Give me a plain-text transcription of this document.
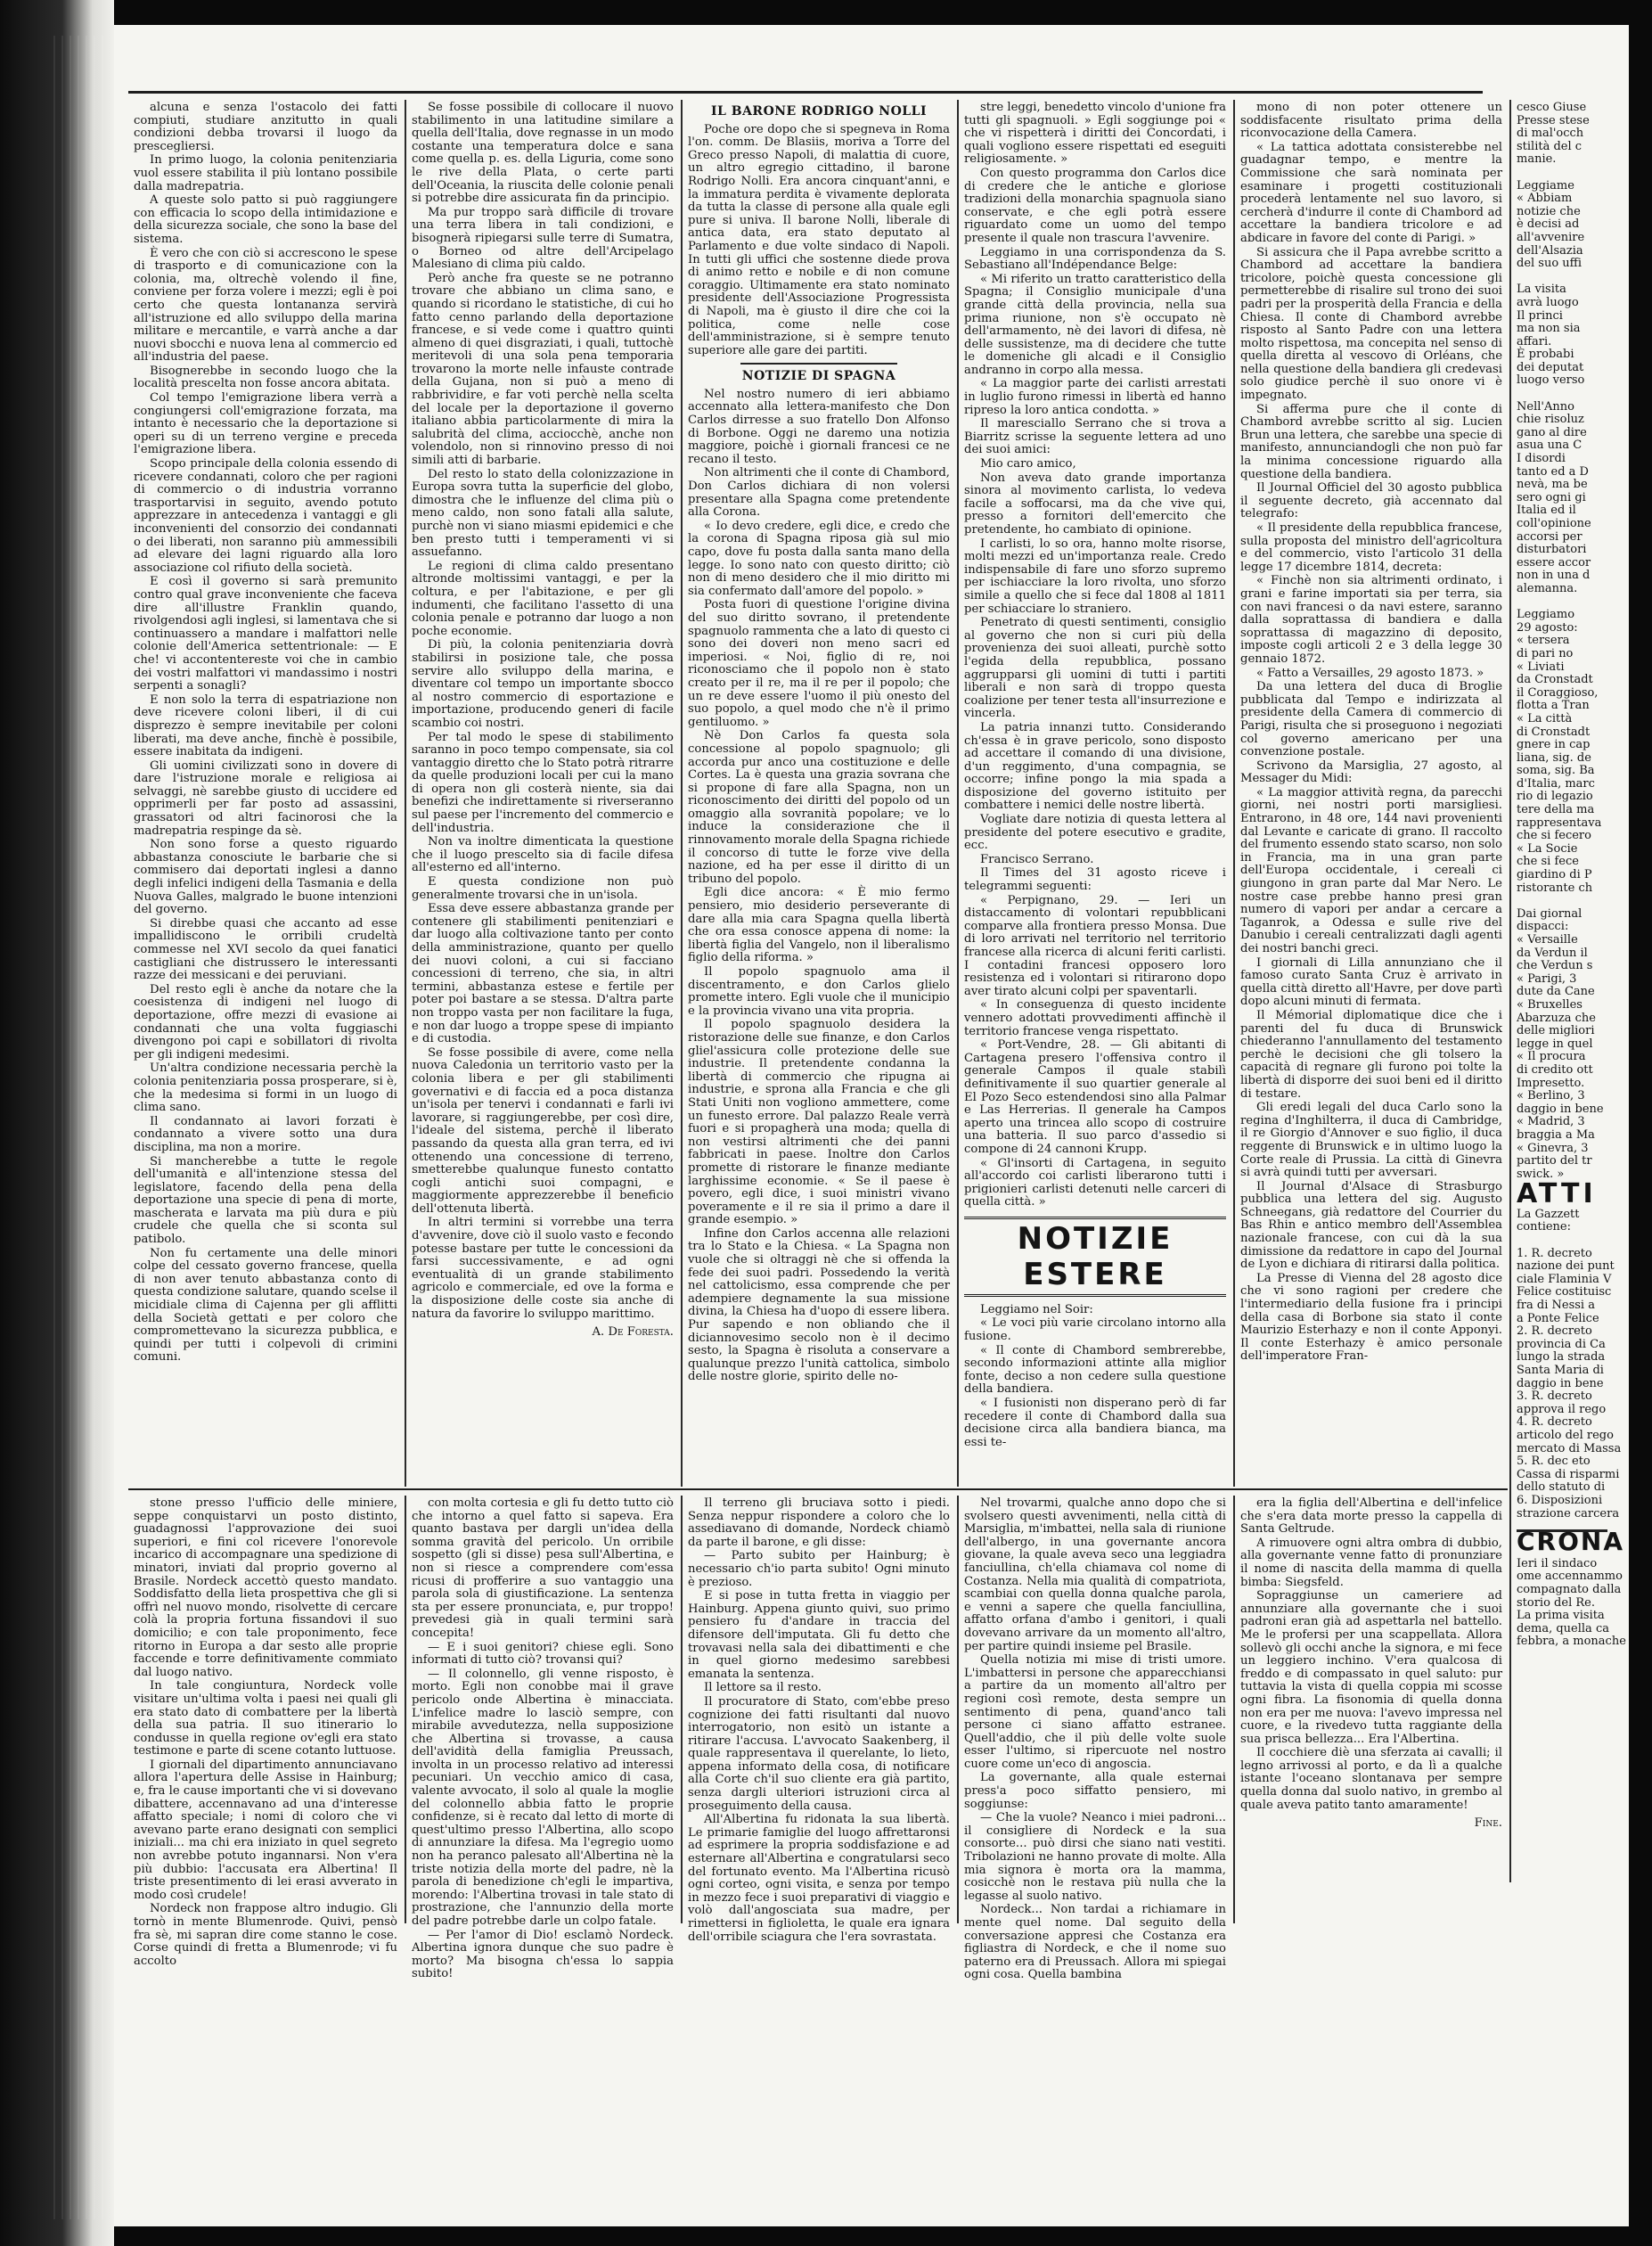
alcuna e senza l'ostacolo dei fatti compiuti, studiare anzitutto in quali condizioni debba trovarsi il luogo da prescegliersi.

In primo luogo, la colonia penitenziaria vuol essere stabilita il più lontano possibile dalla madrepatria.

A queste solo patto si può raggiungere con efficacia lo scopo della intimidazione e della sicurezza sociale, che sono la base del sistema.

È vero che con ciò si accrescono le spese di trasporto e di comunicazione con la colonia, ma, oltrechè volendo il fine, conviene per forza volere i mezzi; egli è poi certo che questa lontananza servirà all'istruzione ed allo sviluppo della marina militare e mercantile, e varrà anche a dar nuovi sbocchi e nuova lena al commercio ed all'industria del paese.

Bisognerebbe in secondo luogo che la località prescelta non fosse ancora abitata.

Col tempo l'emigrazione libera verrà a congiungersi coll'emigrazione forzata, ma intanto è necessario che la deportazione si operi su di un terreno vergine e preceda l'emigrazione libera.

Scopo principale della colonia essendo di ricevere condannati, coloro che per ragioni di commercio o di industria vorranno trasportarvisi in seguito, avendo potuto apprezzare in antecedenza i vantaggi e gli inconvenienti del consorzio dei condannati o dei liberati, non saranno più ammessibili ad elevare dei lagni riguardo alla loro associazione col rifiuto della società.

E così il governo si sarà premunito contro qual grave inconveniente che faceva dire all'illustre Franklin quando, rivolgendosi agli inglesi, si lamentava che si continuassero a mandare i malfattori nelle colonie dell'America settentrionale: — E che! vi accontentereste voi che in cambio dei vostri malfattori vi mandassimo i nostri serpenti a sonagli?

E non solo la terra di espatriazione non deve ricevere coloni liberi, il di cui disprezzo è sempre inevitabile per coloni liberati, ma deve anche, finchè è possibile, essere inabitata da indigeni.

Gli uomini civilizzati sono in dovere di dare l'istruzione morale e religiosa ai selvaggi, nè sarebbe giusto di uccidere ed opprimerli per far posto ad assassini, grassatori od altri facinorosi che la madrepatria respinge da sè.

Non sono forse a questo riguardo abbastanza conosciute le barbarie che si commisero dai deportati inglesi a danno degli infelici indigeni della Tasmania e della Nuova Galles, malgrado le buone intenzioni del governo.

Si direbbe quasi che accanto ad esse impallidiscono le orribili crudeltà commesse nel XVI secolo da quei fanatici castigliani che distrussero le interessanti razze dei messicani e dei peruviani.

Del resto egli è anche da notare che la coesistenza di indigeni nel luogo di deportazione, offre mezzi di evasione ai condannati che una volta fuggiaschi divengono poi capi e sobillatori di rivolta per gli indigeni medesimi.

Un'altra condizione necessaria perchè la colonia penitenziaria possa prosperare, si è, che la medesima si formi in un luogo di clima sano.

Il condannato ai lavori forzati è condannato a vivere sotto una dura disciplina, ma non a morire.

Si mancherebbe a tutte le regole dell'umanità e all'intenzione stessa del legislatore, facendo della pena della deportazione una specie di pena di morte, mascherata e larvata ma più dura e più crudele che quella che si sconta sul patibolo.

Non fu certamente una delle minori colpe del cessato governo francese, quella di non aver tenuto abbastanza conto di questa condizione salutare, quando scelse il micidiale clima di Cajenna per gli afflitti della Società gettati e per coloro che compromettevano la sicurezza pubblica, e quindi per tutti i colpevoli di crimini comuni.

Se fosse possibile di collocare il nuovo stabilimento in una latitudine similare a quella dell'Italia, dove regnasse in un modo costante una temperatura dolce e sana come quella p. es. della Liguria, come sono le rive della Plata, o certe parti dell'Oceania, la riuscita delle colonie penali si potrebbe dire assicurata fin da principio.

Ma pur troppo sarà difficile di trovare una terra libera in tali condizioni, e bisognerà ripiegarsi sulle terre di Sumatra, o Borneo od altre dell'Arcipelago Malesiano di clima più caldo.

Però anche fra queste se ne potranno trovare che abbiano un clima sano, e quando si ricordano le statistiche, di cui ho fatto cenno parlando della deportazione francese, e si vede come i quattro quinti almeno di quei disgraziati, i quali, tuttochè meritevoli di una sola pena temporaria trovarono la morte nelle infauste contrade della Gujana, non si può a meno di rabbrividire, e far voti perchè nella scelta del locale per la deportazione il governo italiano abbia particolarmente di mira la salubrità del clima, acciocchè, anche non volendolo, non si rinnovino presso di noi simili atti di barbarie.

Del resto lo stato della colonizzazione in Europa sovra tutta la superficie del globo, dimostra che le influenze del clima più o meno caldo, non sono fatali alla salute, purchè non vi siano miasmi epidemici e che ben presto tutti i temperamenti vi si assuefanno.

Le regioni di clima caldo presentano altronde moltissimi vantaggi, e per la coltura, e per l'abitazione, e per gli indumenti, che facilitano l'assetto di una colonia penale e potranno dar luogo a non poche economie.

Di più, la colonia penitenziaria dovrà stabilirsi in posizione tale, che possa servire allo sviluppo della marina, e diventare col tempo un importante sbocco al nostro commercio di esportazione e importazione, producendo generi di facile scambio coi nostri.

Per tal modo le spese di stabilimento saranno in poco tempo compensate, sia col vantaggio diretto che lo Stato potrà ritrarre da quelle produzioni locali per cui la mano di opera non gli costerà niente, sia dai benefizi che indirettamente si riverseranno sul paese per l'incremento del commercio e dell'industria.

Non va inoltre dimenticata la questione che il luogo prescelto sia di facile difesa all'esterno ed all'interno.

E questa condizione non può generalmente trovarsi che in un'isola.

Essa deve essere abbastanza grande per contenere gli stabilimenti penitenziari e dar luogo alla coltivazione tanto per conto della amministrazione, quanto per quello dei nuovi coloni, a cui si facciano concessioni di terreno, che sia, in altri termini, abbastanza estese e fertile per poter poi bastare a se stessa. D'altra parte non troppo vasta per non facilitare la fuga, e non dar luogo a troppe spese di impianto e di custodia.

Se fosse possibile di avere, come nella nuova Caledonia un territorio vasto per la colonia libera e per gli stabilimenti governativi e di faccia ed a poca distanza un'isola per tenervi i condannati e farli ivi lavorare, si raggiungerebbe, per così dire, l'ideale del sistema, perchè il liberato passando da questa alla gran terra, ed ivi ottenendo una concessione di terreno, smetterebbe qualunque funesto contatto cogli antichi suoi compagni, e maggiormente apprezzerebbe il beneficio dell'ottenuta libertà.

In altri termini si vorrebbe una terra d'avvenire, dove ciò il suolo vasto e fecondo potesse bastare per tutte le concessioni da farsi successivamente, e ad ogni eventualità di un grande stabilimento agricolo e commerciale, ed ove la forma e la disposizione delle coste sia anche di natura da favorire lo sviluppo marittimo.

A. De Foresta.
IL BARONE RODRIGO NOLLI

Poche ore dopo che si spegneva in Roma l'on. comm. De Blasiis, moriva a Torre del Greco presso Napoli, di malattia di cuore, un altro egregio cittadino, il barone Rodrigo Nolli. Era ancora cinquant'anni, e la immatura perdita è vivamente deplorata da tutta la classe di persone alla quale egli pure si univa. Il barone Nolli, liberale di antica data, era stato deputato al Parlamento e due volte sindaco di Napoli. In tutti gli uffici che sostenne diede prova di animo retto e nobile e di non comune coraggio. Ultimamente era stato nominato presidente dell'Associazione Progressista di Napoli, ma è giusto il dire che coi la politica, come nelle cose dell'amministrazione, si è sempre tenuto superiore alle gare dei partiti.

NOTIZIE DI SPAGNA

Nel nostro numero di ieri abbiamo accennato alla lettera-manifesto che Don Carlos dirresse a suo fratello Don Alfonso di Borbone. Oggi ne daremo una notizia maggiore, poichè i giornali francesi ce ne recano il testo.

Non altrimenti che il conte di Chambord, Don Carlos dichiara di non volersi presentare alla Spagna come pretendente alla Corona.

« Io devo credere, egli dice, e credo che la corona di Spagna riposa già sul mio capo, dove fu posta dalla santa mano della legge. Io sono nato con questo diritto; ciò non di meno desidero che il mio diritto mi sia confermato dall'amore del popolo. »

Posta fuori di questione l'origine divina del suo diritto sovrano, il pretendente spagnuolo rammenta che a lato di questo ci sono dei doveri non meno sacri ed imperiosi. « Noi, figlio di re, noi riconosciamo che il popolo non è stato creato per il re, ma il re per il popolo; che un re deve essere l'uomo il più onesto del suo popolo, a quel modo che n'è il primo gentiluomo. »

Nè Don Carlos fa questa sola concessione al popolo spagnuolo; gli accorda pur anco una costituzione e delle Cortes. La è questa una grazia sovrana che si propone di fare alla Spagna, non un riconoscimento dei diritti del popolo od un omaggio alla sovranità popolare; ve lo induce la considerazione che il rinnovamento morale della Spagna richiede il concorso di tutte le forze vive della nazione, ed ha per esse il diritto di un tribuno del popolo.

Egli dice ancora: « È mio fermo pensiero, mio desiderio perseverante di dare alla mia cara Spagna quella libertà che ora essa conosce appena di nome: la libertà figlia del Vangelo, non il liberalismo figlio della riforma. »

Il popolo spagnuolo ama il discentramento, e don Carlos glielo promette intero. Egli vuole che il municipio e la provincia vivano una vita propria.

Il popolo spagnuolo desidera la ristorazione delle sue finanze, e don Carlos gliel'assicura colle protezione delle sue industrie. Il pretendente condanna la libertà di commercio che ripugna ai industrie, e sprona alla Francia e che gli Stati Uniti non vogliono ammettere, come un funesto errore. Dal palazzo Reale verrà fuori e si propagherà una moda; quella di non vestirsi altrimenti che dei panni fabbricati in paese. Inoltre don Carlos promette di ristorare le finanze mediante larghissime economie. « Se il paese è povero, egli dice, i suoi ministri vivano poveramente e il re sia il primo a dare il grande esempio. »

Infine don Carlos accenna alle relazioni tra lo Stato e la Chiesa. « La Spagna non vuole che si oltraggi nè che si offenda la fede dei suoi padri. Possedendo la verità nel cattolicismo, essa comprende che per adempiere degnamente la sua missione divina, la Chiesa ha d'uopo di essere libera. Pur sapendo e non obliando che il diciannovesimo secolo non è il decimo sesto, la Spagna è risoluta a conservare a qualunque prezzo l'unità cattolica, simbolo delle nostre glorie, spirito delle no-

stre leggi, benedetto vincolo d'unione fra tutti gli spagnuoli. » Egli soggiunge poi « che vi rispetterà i diritti dei Concordati, i quali vogliono essere rispettati ed eseguiti religiosamente. »

Con questo programma don Carlos dice di credere che le antiche e gloriose tradizioni della monarchia spagnuola siano conservate, e che egli potrà essere riguardato come un uomo del tempo presente il quale non trascura l'avvenire.

Leggiamo in una corrispondenza da S. Sebastiano all'Indépendance Belge:

« Mi riferito un tratto caratteristico della Spagna; il Consiglio municipale d'una grande città della provincia, nella sua prima riunione, non s'è occupato nè dell'armamento, nè dei lavori di difesa, nè delle sussistenze, ma di decidere che tutte le domeniche gli alcadi e il Consiglio andranno in corpo alla messa.

« La maggior parte dei carlisti arrestati in luglio furono rimessi in libertà ed hanno ripreso la loro antica condotta. »

Il maresciallo Serrano che si trova a Biarritz scrisse la seguente lettera ad uno dei suoi amici:

Mio caro amico,

Non aveva dato grande importanza sinora al movimento carlista, lo vedeva facile a soffocarsi, ma da che vive qui, presso a fornitori dell'emercito che pretendente, ho cambiato di opinione.

I carlisti, lo so ora, hanno molte risorse, molti mezzi ed un'importanza reale. Credo indispensabile di fare uno sforzo supremo per ischiacciare la loro rivolta, uno sforzo simile a quello che si fece dal 1808 al 1811 per schiacciare lo straniero.

Penetrato di questi sentimenti, consiglio al governo che non si curi più della provenienza dei suoi alleati, purchè sotto l'egida della repubblica, possano aggrupparsi gli uomini di tutti i partiti liberali e non sarà di troppo questa coalizione per tener testa all'insurrezione e vincerla.

La patria innanzi tutto. Considerando ch'essa è in grave pericolo, sono disposto ad accettare il comando di una divisione, d'un reggimento, d'una compagnia, se occorre; infine pongo la mia spada a disposizione del governo istituito per combattere i nemici delle nostre libertà.

Vogliate dare notizia di questa lettera al presidente del potere esecutivo e gradite, ecc.

Francisco Serrano.

Il Times del 31 agosto riceve i telegrammi seguenti:

« Perpignano, 29. — Ieri un distaccamento di volontari repubblicani comparve alla frontiera presso Monsa. Due di loro arrivati nel territorio nel territorio francese alla ricerca di alcuni feriti carlisti. I contadini francesi opposero loro resistenza ed i volontari si ritirarono dopo aver tirato alcuni colpi per spaventarli.

« In conseguenza di questo incidente vennero adottati provvedimenti affinchè il territorio francese venga rispettato.

« Port-Vendre, 28. — Gli abitanti di Cartagena presero l'offensiva contro il generale Campos il quale stabilì definitivamente il suo quartier generale al El Pozo Seco estendendosi sino alla Palmar e Las Herrerias. Il generale ha Campos aperto una trincea allo scopo di costruire una batteria. Il suo parco d'assedio si compone di 24 cannoni Krupp.

« Gl'insorti di Cartagena, in seguito all'accordo coi carlisti liberarono tutti i prigionieri carlisti detenuti nelle carceri di quella città. »

NOTIZIE ESTERE

Leggiamo nel Soir:

« Le voci più varie circolano intorno alla fusione.

« Il conte di Chambord sembrerebbe, secondo informazioni attinte alla miglior fonte, deciso a non cedere sulla questione della bandiera.

« I fusionisti non disperano però di far recedere il conte di Chambord dalla sua decisione circa alla bandiera bianca, ma essi te-

mono di non poter ottenere un soddisfacente risultato prima della riconvocazione della Camera.

« La tattica adottata consisterebbe nel guadagnar tempo, e mentre la Commissione che sarà nominata per esaminare i progetti costituzionali procederà lentamente nel suo lavoro, si cercherà d'indurre il conte di Chambord ad accettare la bandiera tricolore e ad abdicare in favore del conte di Parigi. »

Si assicura che il Papa avrebbe scritto a Chambord ad accettare la bandiera tricolore, poichè questa concessione gli permetterebbe di risalire sul trono dei suoi padri per la prosperità della Francia e della Chiesa. Il conte di Chambord avrebbe risposto al Santo Padre con una lettera molto rispettosa, ma concepita nel senso di quella diretta al vescovo di Orléans, che nella questione della bandiera gli credevasi solo giudice perchè il suo onore vi è impegnato.

Si afferma pure che il conte di Chambord avrebbe scritto al sig. Lucien Brun una lettera, che sarebbe una specie di manifesto, annunciandogli che non può far la minima concessione riguardo alla questione della bandiera.

Il Journal Officiel del 30 agosto pubblica il seguente decreto, già accennato dal telegrafo:

« Il presidente della repubblica francese, sulla proposta del ministro dell'agricoltura e del commercio, visto l'articolo 31 della legge 17 dicembre 1814, decreta:

« Finchè non sia altrimenti ordinato, i grani e farine importati sia per terra, sia con navi francesi o da navi estere, saranno dalla soprattassa di bandiera e dalla soprattassa di magazzino di deposito, imposte cogli articoli 2 e 3 della legge 30 gennaio 1872.

« Fatto a Versailles, 29 agosto 1873. »

Da una lettera del duca di Broglie pubblicata dal Tempo e indirizzata al presidente della Camera di commercio di Parigi, risulta che si proseguono i negoziati col governo americano per una convenzione postale.

Scrivono da Marsiglia, 27 agosto, al Messager du Midi:

« La maggior attività regna, da parecchi giorni, nei nostri porti marsigliesi. Entrarono, in 48 ore, 144 navi provenienti dal Levante e caricate di grano. Il raccolto del frumento essendo stato scarso, non solo in Francia, ma in una gran parte dell'Europa occidentale, i cereali ci giungono in gran parte dal Mar Nero. Le nostre case prebbe hanno presi gran numero di vapori per andar a cercare a Taganrok, a Odessa e sulle rive del Danubio i cereali centralizzati dagli agenti dei nostri banchi greci.

I giornali di Lilla annunziano che il famoso curato Santa Cruz è arrivato in quella città diretto all'Havre, per dove partì dopo alcuni minuti di fermata.

Il Mémorial diplomatique dice che i parenti del fu duca di Brunswick chiederanno l'annullamento del testamento perchè le decisioni che gli tolsero la capacità di regnare gli furono poi tolte la libertà di disporre dei suoi beni ed il diritto di testare.

Gli eredi legali del duca Carlo sono la regina d'Inghilterra, il duca di Cambridge, il re Giorgio d'Annover e suo figlio, il duca reggente di Brunswick e in ultimo luogo la Corte reale di Prussia. La città di Ginevra si avrà quindi tutti per avversari.

Il Journal d'Alsace di Strasburgo pubblica una lettera del sig. Augusto Schneegans, già redattore del Courrier du Bas Rhin e antico membro dell'Assemblea nazionale francese, con cui dà la sua dimissione da redattore in capo del Journal de Lyon e dichiara di ritirarsi dalla politica.

La Presse di Vienna del 28 agosto dice che vi sono ragioni per credere che l'intermediario della fusione fra i principi della casa di Borbone sia stato il conte Maurizio Esterhazy e non il conte Apponyi. Il conte Esterhazy è amico personale dell'imperatore Fran-

stone presso l'ufficio delle miniere, seppe conquistarvi un posto distinto, guadagnossi l'approvazione dei suoi superiori, e fini col ricevere l'onorevole incarico di accompagnare una spedizione di minatori, inviati dal proprio governo al Brasile. Nordeck accettò questo mandato. Soddisfatto della lieta prospettiva che gli si offrì nel nuovo mondo, risolvette di cercare colà la propria fortuna fissandovi il suo domicilio; e con tale proponimento, fece ritorno in Europa a dar sesto alle proprie faccende e torre definitivamente commiato dal luogo nativo.

In tale congiuntura, Nordeck volle visitare un'ultima volta i paesi nei quali gli era stato dato di combattere per la libertà della sua patria. Il suo itinerario lo condusse in quella regione ov'egli era stato testimone e parte di scene cotanto luttuose.

I giornali del dipartimento annunciavano allora l'apertura delle Assise in Hainburg; e, fra le cause importanti che vi si dovevano dibattere, accennavano ad una d'interesse affatto speciale; i nomi di coloro che vi avevano parte erano designati con semplici iniziali... ma chi era iniziato in quel segreto non avrebbe potuto ingannarsi. Non v'era più dubbio: l'accusata era Albertina! Il triste presentimento di lei erasi avverato in modo così crudele!

Nordeck non frappose altro indugio. Gli tornò in mente Blumenrode. Quivi, pensò fra sè, mi sapran dire come stanno le cose. Corse quindi di fretta a Blumenrode; vi fu accolto

con molta cortesia e gli fu detto tutto ciò che intorno a quel fatto si sapeva. Era quanto bastava per dargli un'idea della somma gravità del pericolo. Un orribile sospetto (gli si disse) pesa sull'Albertina, e non si riesce a comprendere com'essa ricusi di profferire a suo vantaggio una parola sola di giustificazione. La sentenza sta per essere pronunciata, e, pur troppo! prevedesi già in quali termini sarà concepita!

— E i suoi genitori? chiese egli. Sono informati di tutto ciò? trovansi qui?

— Il colonnello, gli venne risposto, è morto. Egli non conobbe mai il grave pericolo onde Albertina è minacciata. L'infelice madre lo lasciò sempre, con mirabile avvedutezza, nella supposizione che Albertina si trovasse, a causa dell'avidità della famiglia Preussach, involta in un processo relativo ad interessi pecuniari. Un vecchio amico di casa, valente avvocato, il solo al quale la moglie del colonnello abbia fatto le proprie confidenze, si è recato dal letto di morte di quest'ultimo presso l'Albertina, allo scopo di annunziare la difesa. Ma l'egregio uomo non ha peranco palesato all'Albertina nè la triste notizia della morte del padre, nè la parola di benedizione ch'egli le impartiva, morendo: l'Albertina trovasi in tale stato di prostrazione, che l'annunzio della morte del padre potrebbe darle un colpo fatale.

— Per l'amor di Dio! esclamò Nordeck. Albertina ignora dunque che suo padre è morto? Ma bisogna ch'essa lo sappia subito!

Il terreno gli bruciava sotto i piedi. Senza neppur rispondere a coloro che lo assediavano di domande, Nordeck chiamò da parte il barone, e gli disse:

— Parto subito per Hainburg; è necessario ch'io parta subito! Ogni minuto è prezioso.

E si pose in tutta fretta in viaggio per Hainburg. Appena giunto quivi, suo primo pensiero fu d'andare in traccia del difensore dell'imputata. Gli fu detto che trovavasi nella sala dei dibattimenti e che in quel giorno medesimo sarebbesi emanata la sentenza.

Il lettore sa il resto.

Il procuratore di Stato, com'ebbe preso cognizione dei fatti risultanti dal nuovo interrogatorio, non esitò un istante a ritirare l'accusa. L'avvocato Saakenberg, il quale rappresentava il querelante, lo lieto, appena informato della cosa, di notificare alla Corte ch'il suo cliente era già partito, senza dargli ulteriori istruzioni circa al proseguimento della causa.

All'Albertina fu ridonata la sua libertà. Le primarie famiglie del luogo affrettaronsi ad esprimere la propria soddisfazione e ad esternare all'Albertina e congratularsi seco del fortunato evento. Ma l'Albertina ricusò ogni corteo, ogni visita, e senza por tempo in mezzo fece i suoi preparativi di viaggio e volò dall'angosciata sua madre, per rimettersi in figlioletta, le quale era ignara dell'orribile sciagura che l'era sovrastata.

Nel trovarmi, qualche anno dopo che si svolsero questi avvenimenti, nella città di Marsiglia, m'imbattei, nella sala di riunione dell'albergo, in una governante ancora giovane, la quale aveva seco una leggiadra fanciullina, ch'ella chiamava col nome di Costanza. Nella mia qualità di compatriota, scambiai con quella donna qualche parola, e venni a sapere che quella fanciullina, affatto orfana d'ambo i genitori, i quali dovevano arrivare da un momento all'altro, per partire quindi insieme pel Brasile.

Quella notizia mi mise di tristi umore. L'imbattersi in persone che apparecchiansi a partire da un momento all'altro per regioni così remote, desta sempre un sentimento di pena, quand'anco tali persone ci siano affatto estranee. Quell'addio, che il più delle volte suole esser l'ultimo, si ripercuote nel nostro cuore come un'eco di angoscia.

La governante, alla quale esternai press'a poco siffatto pensiero, mi soggiunse:

— Che la vuole? Neanco i miei padroni... il consigliere di Nordeck e la sua consorte... può dirsi che siano nati vestiti. Tribolazioni ne hanno provate di molte. Alla mia signora è morta ora la mamma, cosicchè non le restava più nulla che la legasse al suolo nativo.

Nordeck... Non tardai a richiamare in mente quel nome. Dal seguito della conversazione appresi che Costanza era figliastra di Nordeck, e che il nome suo paterno era di Preussach. Allora mi spiegai ogni cosa. Quella bambina

era la figlia dell'Albertina e dell'infelice che s'era data morte presso la cappella di Santa Geltrude.

A rimuovere ogni altra ombra di dubbio, alla governante venne fatto di pronunziare il nome di nascita della mamma di quella bimba: Siegsfeld.

Sopraggiunse un cameriere ad annunziare alla governante che i suoi padroni eran già ad aspettarla nel battello. Me le profersi per una scappellata. Allora sollevò gli occhi anche la signora, e mi fece un leggiero inchino. V'era qualcosa di freddo e di compassato in quel saluto: pur tuttavia la vista di quella coppia mi scosse ogni fibra. La fisonomia di quella donna non era per me nuova: l'avevo impressa nel cuore, e la rivedevo tutta raggiante della sua prisca bellezza... Era l'Albertina.

Il cocchiere diè una sferzata ai cavalli; il legno arrivossi al porto, e da lì a qualche istante l'oceano slontanava per sempre quella donna dal suolo nativo, in grembo al quale aveva patito tanto amaramente!

Fine.
cesco Giuse
Presse stese
di mal'occh
stilità del c
manie.
Leggiame
« Abbiam
notizie che
è decisi ad
all'avvenire
dell'Alsazia
del suo uffi
La visita
avrà luogo
Il princi
ma non sia
affari.
È probabi
dei deputat
luogo verso
Nell'Anno
chie risoluz
gano al dire
asua una C
I disordi
tanto ed a D
nevà, ma be
sero ogni gi
Italia ed il
coll'opinione
accorsi per
disturbatori
essere accor
non in una d
alemanna.
Leggiamo
29 agosto:
« tersera
di pari no
« Liviati
da Cronstadt
il Coraggioso,
flotta a Tran
« La città
di Cronstadt
gnere in cap
liana, sig. de
soma, sig. Ba
d'Italia, marc
rio di legazio
tere della ma
rappresentava
che si fecero
« La Socie
che si fece
giardino di P
ristorante ch
Dai giornal
dispacci:
« Versaille
da Verdun il
che Verdun s
« Parigi, 3
dute da Cane
« Bruxelles
Abarzuza che
delle migliori
legge in quel
« Il procura
di credito ott
Impresetto.
« Berlino, 3
daggio in bene
« Madrid, 3
braggia a Ma
« Ginevra, 3
partito del tr
swick. »
ATTI
La Gazzett
contiene:
1. R. decreto
nazione dei punt
ciale Flaminia V
Felice costituisc
fra di Nessi a
a Ponte Felice
2. R. decreto
provincia di Ca
lungo la strada
Santa Maria di
daggio in bene
3. R. decreto
approva il rego
4. R. decreto
articolo del rego
mercato di Massa
5. R. dec eto
Cassa di risparmi
dello statuto di
6. Disposizioni
strazione carcera
CRONA
Ieri il sindaco
ome accennammo
compagnato dalla
storio del Re.
La prima visita
dema, quella ca
febbra, a monache
